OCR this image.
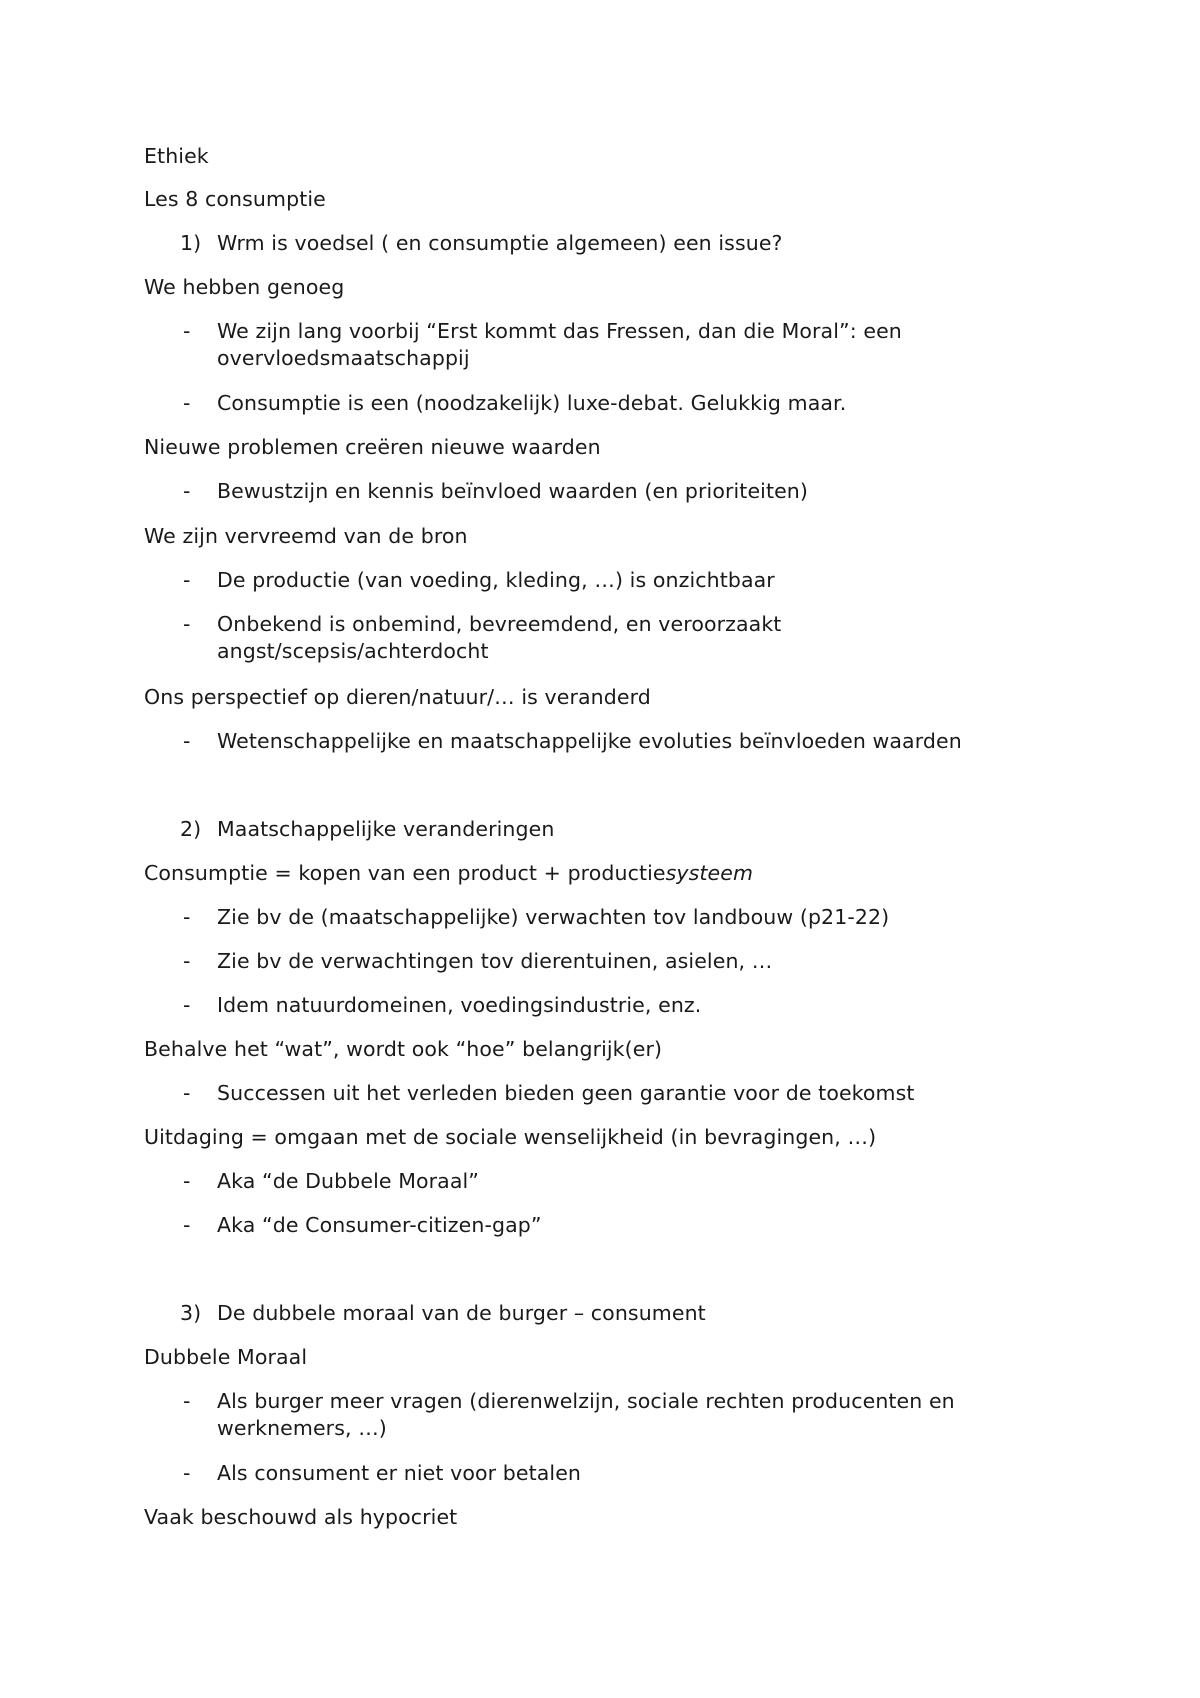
Ethiek
Les 8 consumptie
1) Wrm is voedsel ( en consumptie algemeen) een issue?
We hebben genoeg
- We zijn lang voorbij “Erst kommt das Fressen, dan die Moral”: een overvloedsmaatschappij
- Consumptie is een (noodzakelijk) luxe-debat. Gelukkig maar.
Nieuwe problemen creëren nieuwe waarden
- Bewustzijn en kennis beïnvloed waarden (en prioriteiten)
We zijn vervreemd van de bron
- De productie (van voeding, kleding, …) is onzichtbaar
- Onbekend is onbemind, bevreemdend, en veroorzaakt angst/scepsis/achterdocht
Ons perspectief op dieren/natuur/… is veranderd
- Wetenschappelijke en maatschappelijke evoluties beïnvloeden waarden
2) Maatschappelijke veranderingen
Consumptie = kopen van een product + productiesysteem
- Zie bv de (maatschappelijke) verwachten tov landbouw (p21-22)
- Zie bv de verwachtingen tov dierentuinen, asielen, …
- Idem natuurdomeinen, voedingsindustrie, enz.
Behalve het “wat”, wordt ook “hoe” belangrijk(er)
- Successen uit het verleden bieden geen garantie voor de toekomst
Uitdaging = omgaan met de sociale wenselijkheid (in bevragingen, …)
- Aka “de Dubbele Moraal”
- Aka “de Consumer-citizen-gap”
3) De dubbele moraal van de burger – consument
Dubbele Moraal
- Als burger meer vragen (dierenwelzijn, sociale rechten producenten en werknemers, …)
- Als consument er niet voor betalen
Vaak beschouwd als hypocriet
